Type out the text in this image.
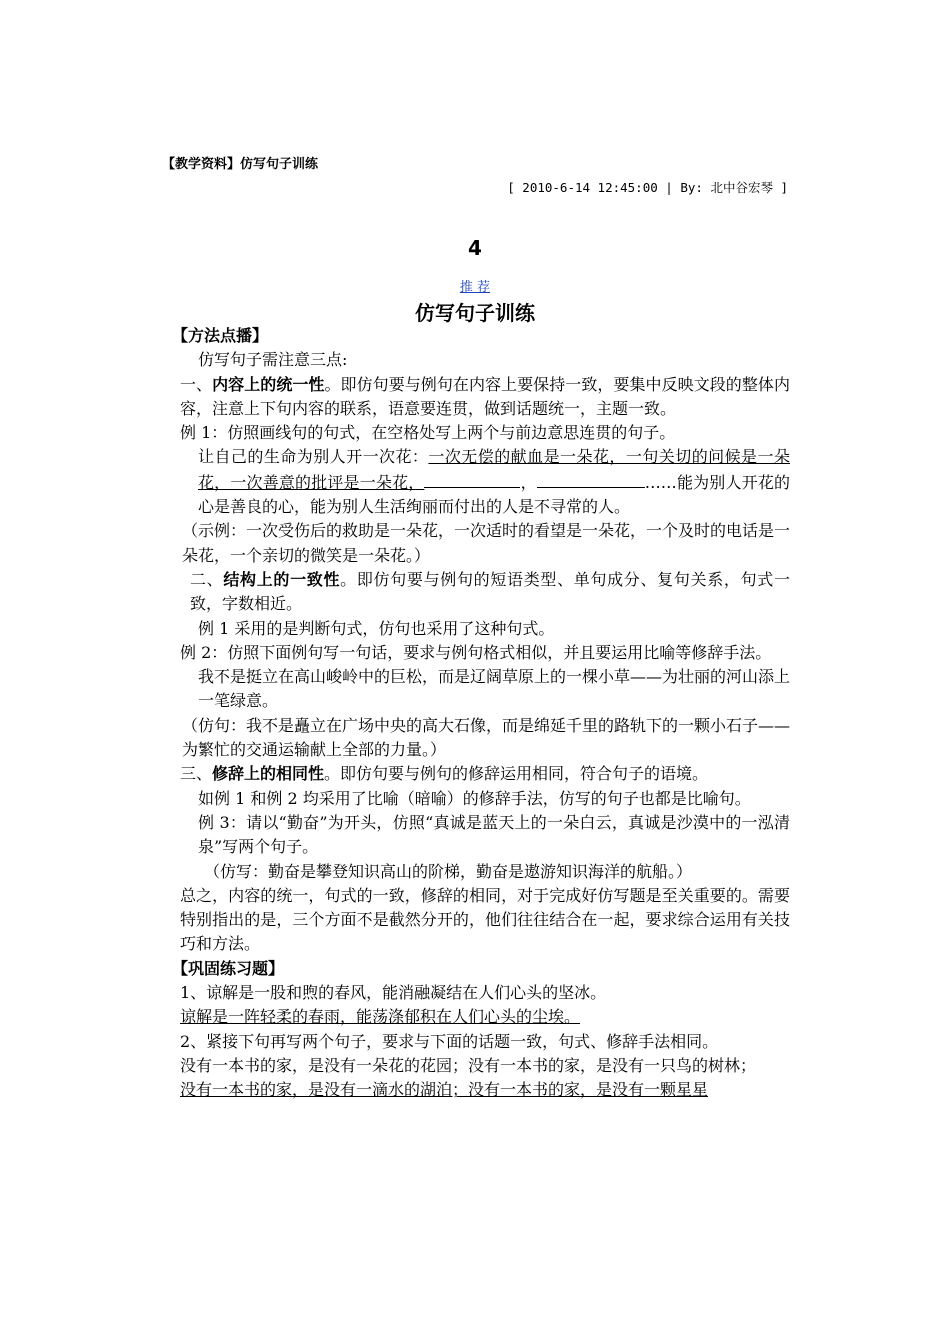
【教学资料】仿写句子训练
[ 2010-6-14 12:45:00 | By: 北中谷宏琴 ]
4
推 荐
仿写句子训练

【方法点播】

仿写句子需注意三点:

一、内容上的统一性。即仿句要与例句在内容上要保持一致，要集中反映文段的整体内容，注意上下句内容的联系，语意要连贯，做到话题统一，主题一致。

例 1：仿照画线句的句式，在空格处写上两个与前边意思连贯的句子。

让自己的生命为别人开一次花：一次无偿的献血是一朵花，一句关切的问候是一朵花，一次善意的批评是一朵花，	，	……能为别人开花的心是善良的心，能为别人生活绚丽而付出的人是不寻常的人。

（示例：一次受伤后的救助是一朵花，一次适时的看望是一朵花，一个及时的电话是一朵花，一个亲切的微笑是一朵花。）

二、结构上的一致性。即仿句要与例句的短语类型、单句成分、复句关系，句式一致，字数相近。

例 1 采用的是判断句式，仿句也采用了这种句式。

例 2：仿照下面例句写一句话，要求与例句格式相似，并且要运用比喻等修辞手法。

我不是挺立在高山峻岭中的巨松，而是辽阔草原上的一棵小草——为壮丽的河山添上一笔绿意。

（仿句：我不是矗立在广场中央的高大石像，而是绵延千里的路轨下的一颗小石子——为繁忙的交通运输献上全部的力量。）

三、修辞上的相同性。即仿句要与例句的修辞运用相同，符合句子的语境。

如例 1 和例 2 均采用了比喻（暗喻）的修辞手法，仿写的句子也都是比喻句。

例 3：请以“勤奋”为开头，仿照“真诚是蓝天上的一朵白云，真诚是沙漠中的一泓清泉”写两个句子。

（仿写：勤奋是攀登知识高山的阶梯，勤奋是遨游知识海洋的航船。）

总之，内容的统一，句式的一致，修辞的相同，对于完成好仿写题是至关重要的。需要特别指出的是，三个方面不是截然分开的，他们往往结合在一起，要求综合运用有关技巧和方法。

【巩固练习题】

1、谅解是一股和煦的春风，能消融凝结在人们心头的坚冰。

谅解是一阵轻柔的春雨，能荡涤郁积在人们心头的尘埃。

2、紧接下句再写两个句子，要求与下面的话题一致，句式、修辞手法相同。

没有一本书的家，是没有一朵花的花园；没有一本书的家，是没有一只鸟的树林；

没有一本书的家，是没有一滴水的湖泊；没有一本书的家，是没有一颗星星
